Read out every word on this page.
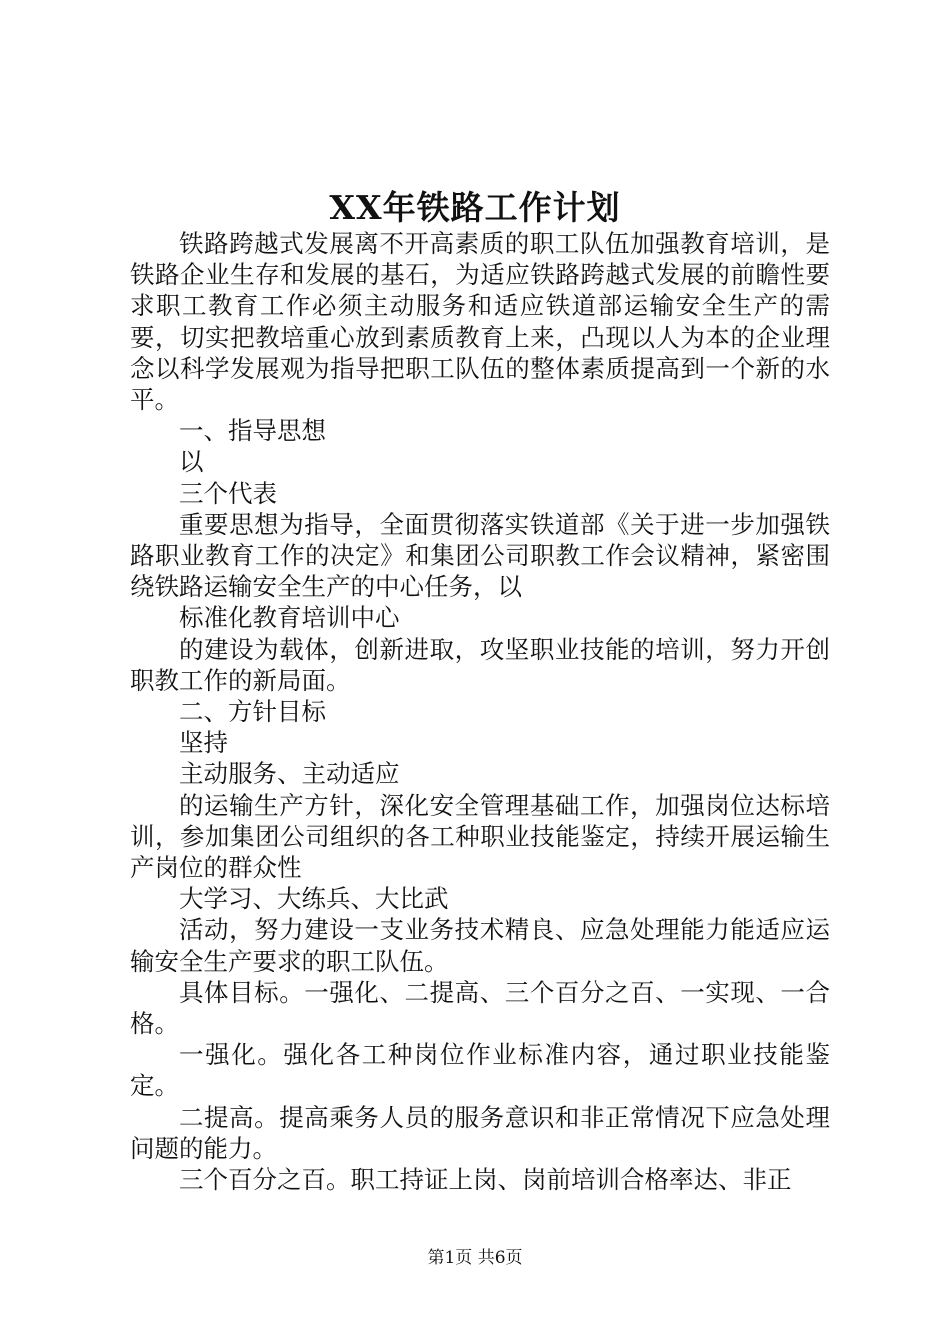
XX年铁路工作计划

铁路跨越式发展离不开高素质的职工队伍加强教育培训，是铁路企业生存和发展的基石，为适应铁路跨越式发展的前瞻性要求职工教育工作必须主动服务和适应铁道部运输安全生产的需要，切实把教培重心放到素质教育上来，凸现以人为本的企业理念以科学发展观为指导把职工队伍的整体素质提高到一个新的水平。

一、指导思想

以

三个代表

重要思想为指导，全面贯彻落实铁道部《关于进一步加强铁路职业教育工作的决定》和集团公司职教工作会议精神，紧密围绕铁路运输安全生产的中心任务，以

标准化教育培训中心

的建设为载体，创新进取，攻坚职业技能的培训，努力开创职教工作的新局面。

二、方针目标

坚持

主动服务、主动适应

的运输生产方针，深化安全管理基础工作，加强岗位达标培训，参加集团公司组织的各工种职业技能鉴定，持续开展运输生产岗位的群众性

大学习、大练兵、大比武

活动，努力建设一支业务技术精良、应急处理能力能适应运输安全生产要求的职工队伍。

具体目标。一强化、二提高、三个百分之百、一实现、一合格。

一强化。强化各工种岗位作业标准内容，通过职业技能鉴定。

二提高。提高乘务人员的服务意识和非正常情况下应急处理问题的能力。

三个百分之百。职工持证上岗、岗前培训合格率达、非正

第1页 共6页
